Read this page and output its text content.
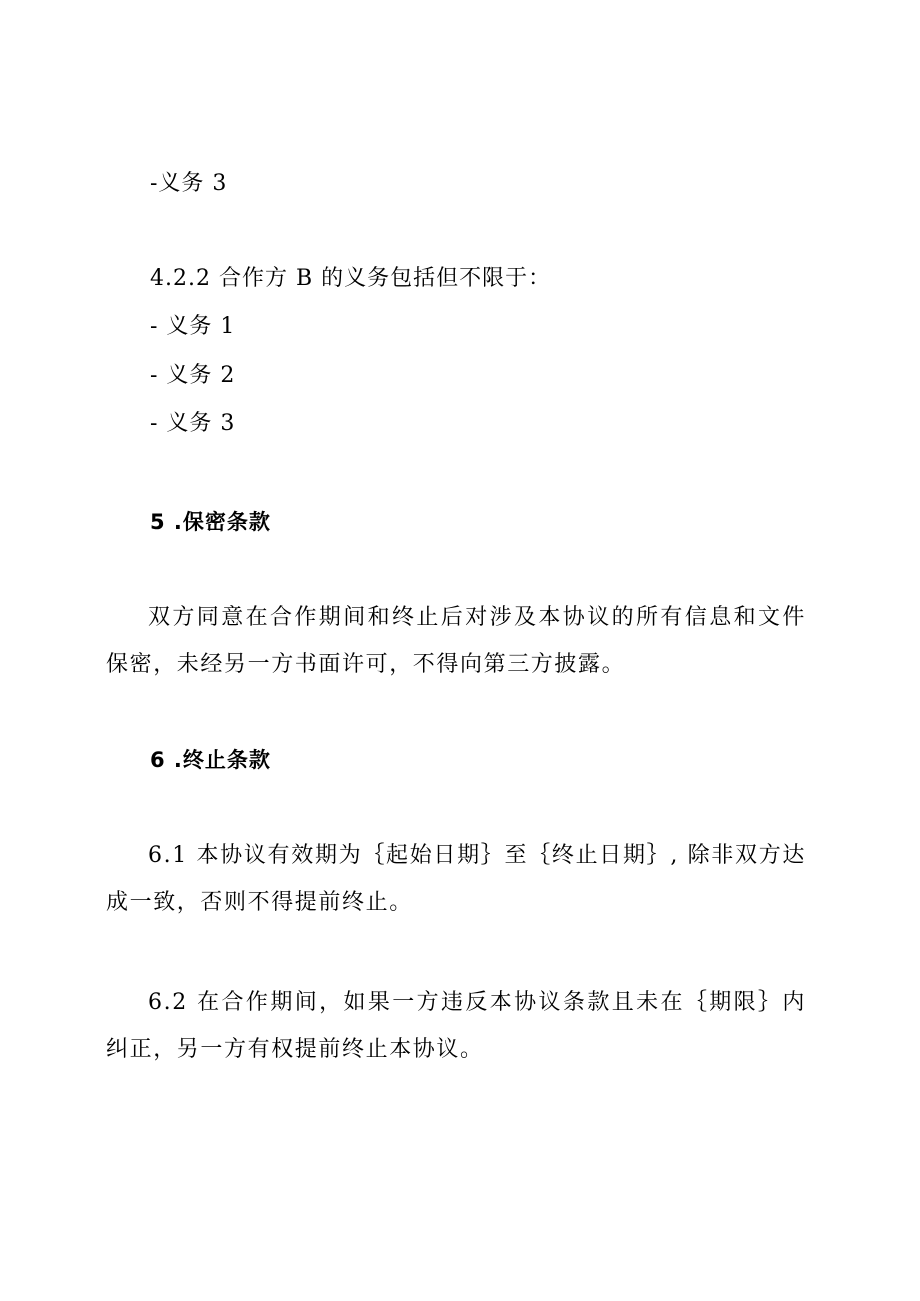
-义务 3

4.2.2 合作方 B 的义务包括但不限于：

- 义务 1

- 义务 2

- 义务 3

5 .保密条款

双方同意在合作期间和终止后对涉及本协议的所有信息和文件保密，未经另一方书面许可，不得向第三方披露。

6 .终止条款

6.1 本协议有效期为｛起始日期｝至｛终止日期｝, 除非双方达成一致，否则不得提前终止。

6.2 在合作期间，如果一方违反本协议条款且未在｛期限｝内纠正，另一方有权提前终止本协议。
